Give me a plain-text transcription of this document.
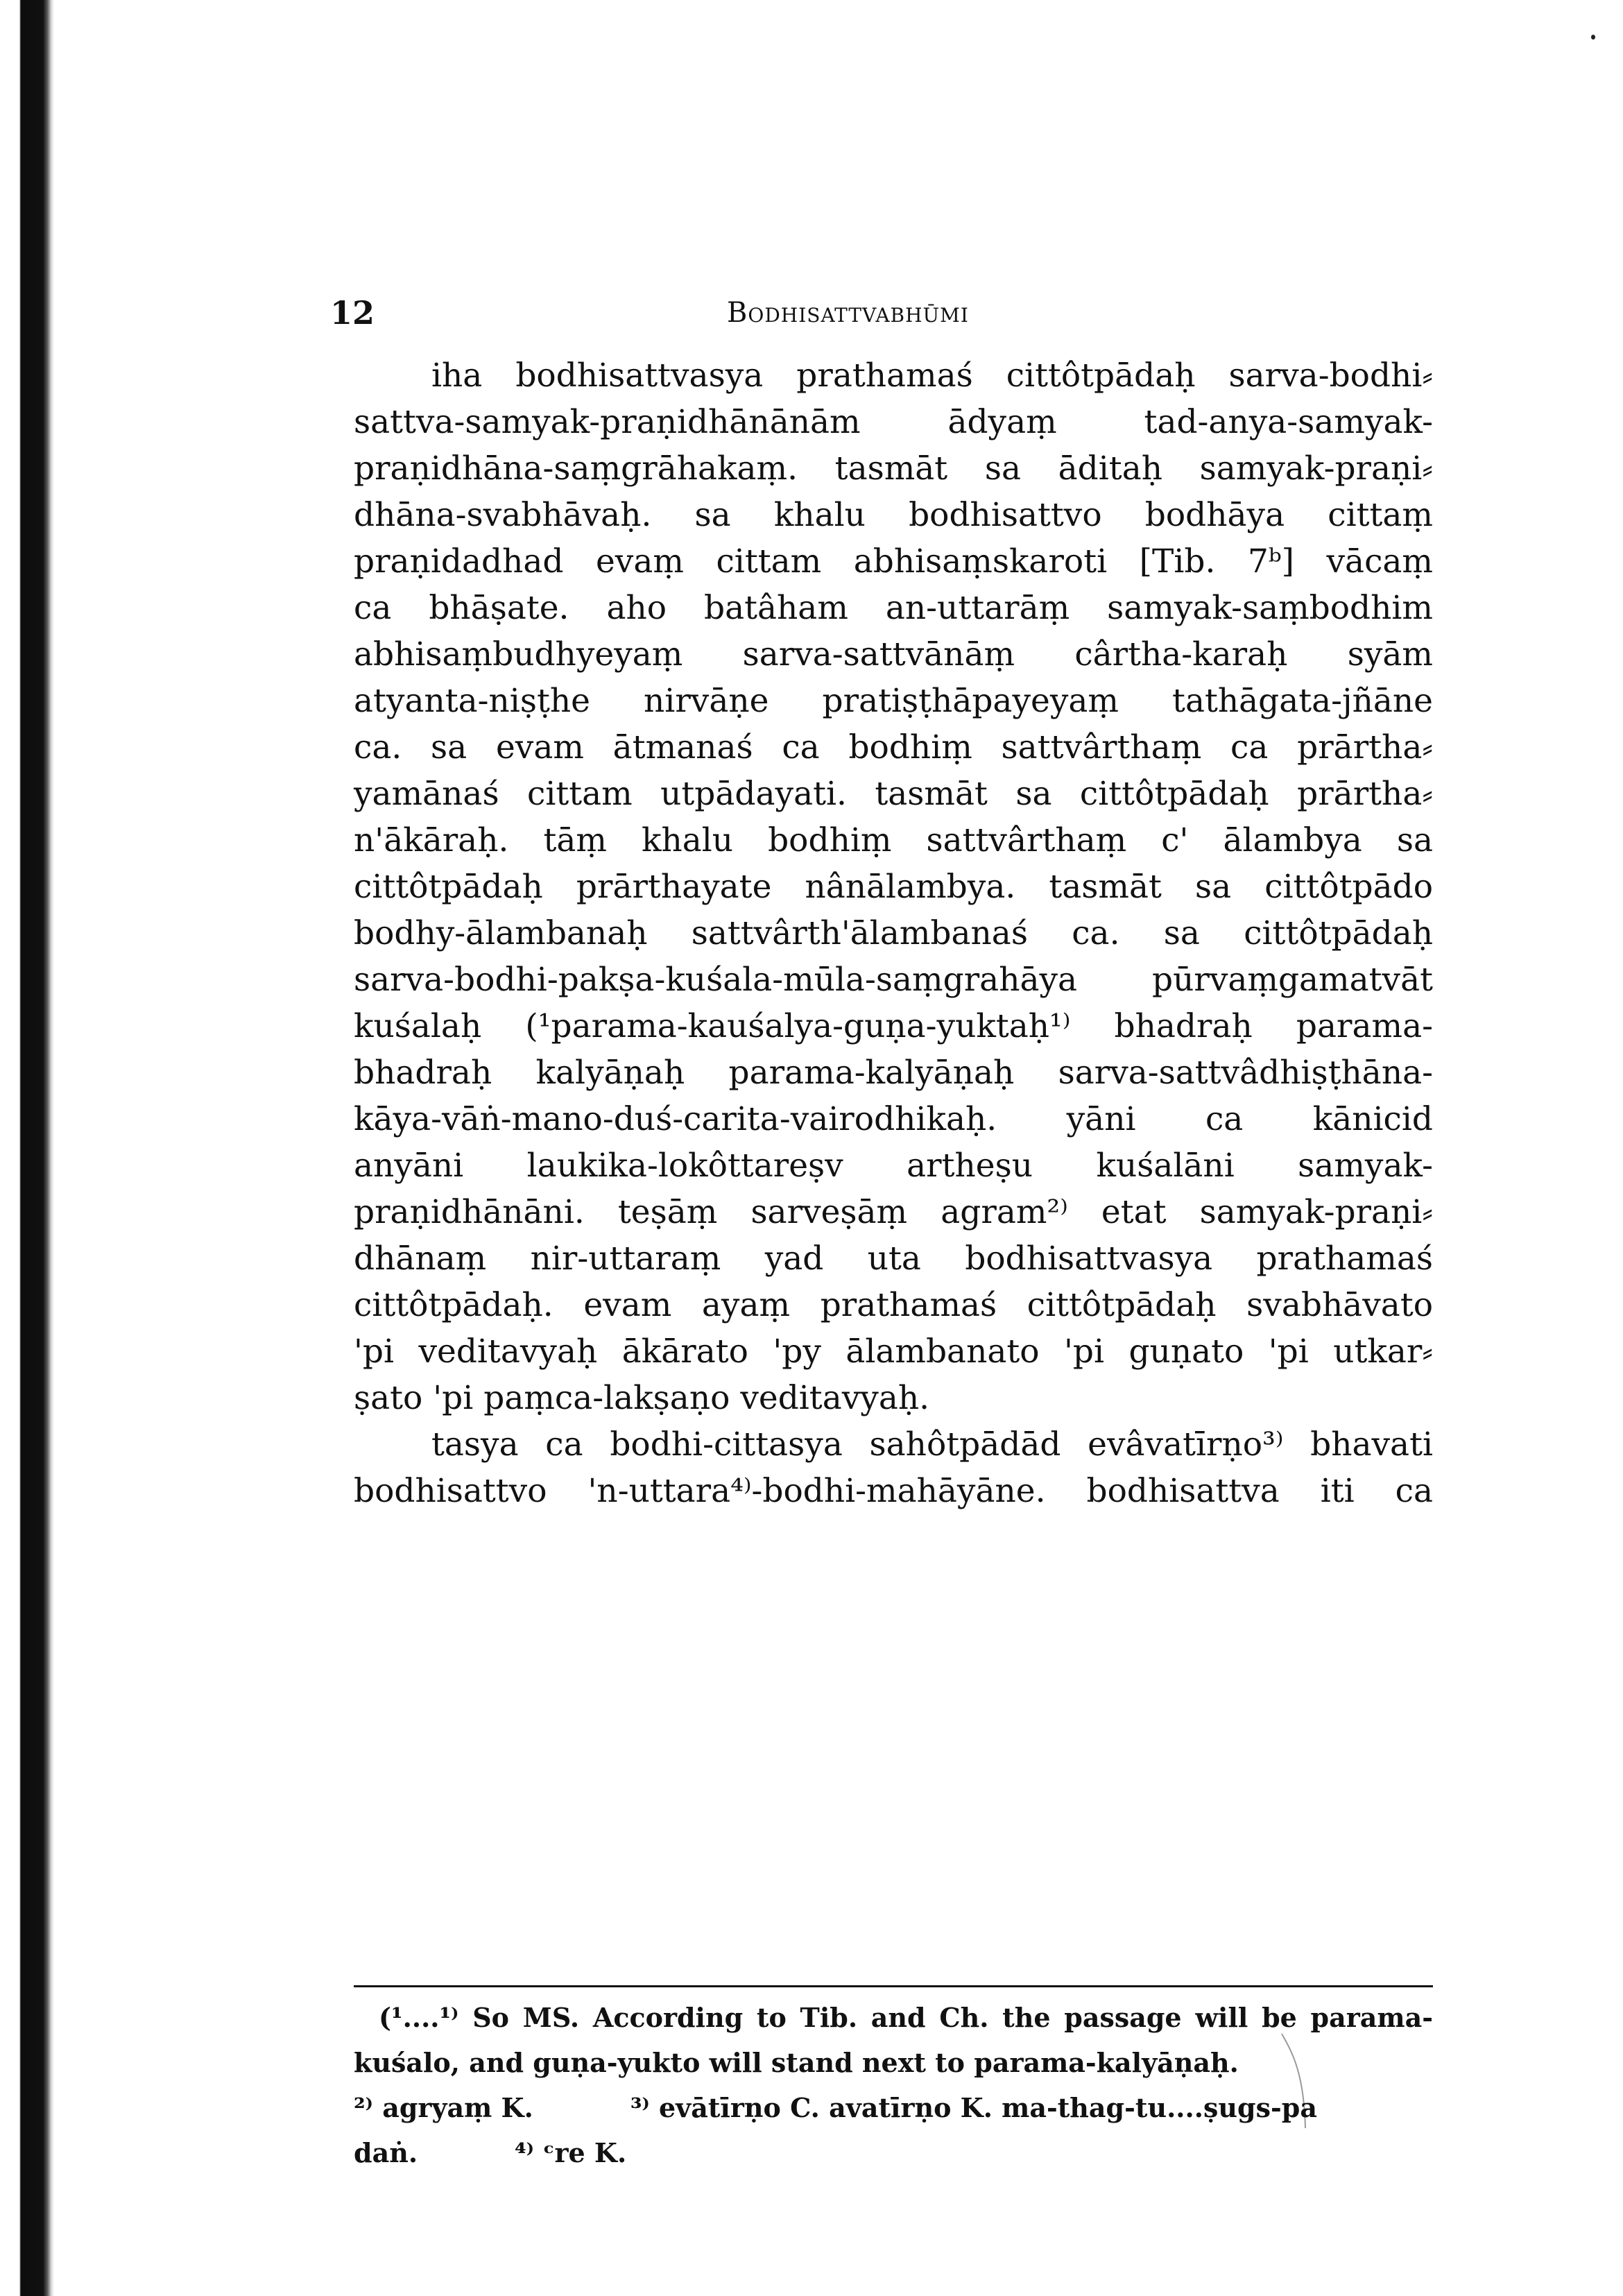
12	Bodhisattvabhūmi
iha bodhisattvasya prathamaś cittôtpādaḥ sarva-bodhi⸗
sattva-samyak-praṇidhānānām ādyaṃ tad-anya-samyak-
praṇidhāna-saṃgrāhakaṃ. tasmāt sa āditaḥ samyak-praṇi⸗
dhāna-svabhāvaḥ. sa khalu bodhisattvo bodhāya cittaṃ
praṇidadhad evaṃ cittam abhisaṃskaroti [Tib. 7ᵇ] vācaṃ
ca bhāṣate. aho batâham an-uttarāṃ samyak-saṃbodhim
abhisaṃbudhyeyaṃ sarva-sattvānāṃ cârtha-karaḥ syām
atyanta-niṣṭhe nirvāṇe pratiṣṭhāpayeyaṃ tathāgata-jñāne
ca. sa evam ātmanaś ca bodhiṃ sattvârthaṃ ca prārtha⸗
yamānaś cittam utpādayati. tasmāt sa cittôtpādaḥ prārtha⸗
n'ākāraḥ. tāṃ khalu bodhiṃ sattvârthaṃ c' ālambya sa
cittôtpādaḥ prārthayate nânālambya. tasmāt sa cittôtpādo
bodhy-ālambanaḥ sattvârth'ālambanaś ca. sa cittôtpādaḥ
sarva-bodhi-pakṣa-kuśala-mūla-saṃgrahāya pūrvaṃgamatvāt
kuśalaḥ (¹parama-kauśalya-guṇa-yuktaḥ¹⁾ bhadraḥ parama-
bhadraḥ kalyāṇaḥ parama-kalyāṇaḥ sarva-sattvâdhiṣṭhāna-
kāya-vāṅ-mano-duś-carita-vairodhikaḥ. yāni ca kānicid
anyāni laukika-lokôttareṣv artheṣu kuśalāni samyak-
praṇidhānāni. teṣāṃ sarveṣāṃ agram²⁾ etat samyak-praṇi⸗
dhānaṃ nir-uttaraṃ yad uta bodhisattvasya prathamaś
cittôtpādaḥ. evam ayaṃ prathamaś cittôtpādaḥ svabhāvato
'pi veditavyaḥ ākārato 'py ālambanato 'pi guṇato 'pi utkar⸗
ṣato 'pi paṃca-lakṣaṇo veditavyaḥ.
tasya ca bodhi-cittasya sahôtpādād evâvatīrṇo³⁾ bhavati
bodhisattvo 'n-uttara⁴⁾-bodhi-mahāyāne. bodhisattva iti ca
(¹....¹⁾ So MS. According to Tib. and Ch. the passage will be parama-
kuśalo, and guṇa-yukto will stand next to parama-kalyāṇaḥ.
²⁾ agryaṃ K.	³⁾ evātīrṇo C. avatīrṇo K. ma-thag-tu....ṣugs-pa
daṅ.	⁴⁾ ᶜre K.
